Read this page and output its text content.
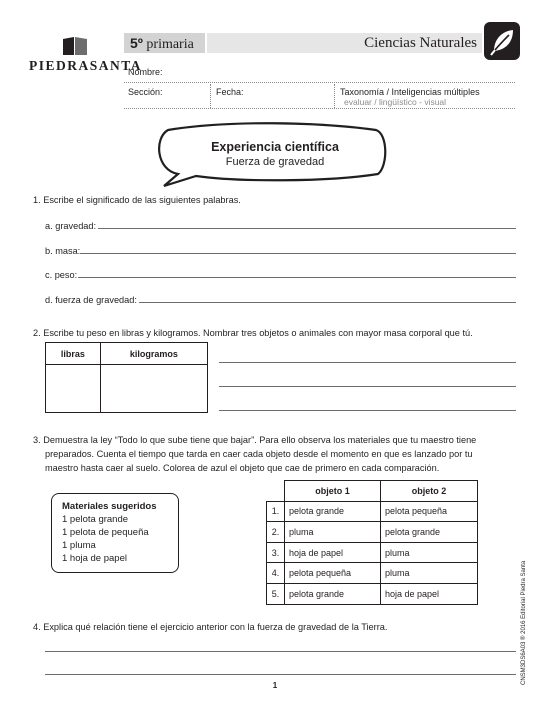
PIEDRASANTA
5º primaria	Ciencias Naturales
Nombre:
Sección:	Fecha:	Taxonomía / Inteligencias múltiples
evaluar / lingüístico - visual
Experiencia científica
Fuerza de gravedad
1. Escribe el significado de las siguientes palabras.
a. gravedad:
b. masa:
c. peso:
d. fuerza de gravedad:
2. Escribe tu peso en libras y kilogramos. Nombrar tres objetos o animales con mayor masa corporal que tú.
libras	kilogramos

3. Demuestra la ley “Todo lo que sube tiene que bajar”. Para ello observa los materiales que tu maestro tiene
preparados. Cuenta el tiempo que tarda en caer cada objeto desde el momento en que es lanzado por tu
maestro hasta caer al suelo. Colorea de azul el objeto que cae de primero en cada comparación.
Materiales sugeridos
1 pelota grande
1 pelota de pequeña
1 pluma
1 hoja de papel
	objeto 1	objeto 2
1.	pelota grande	pelota pequeña
2.	pluma	pelota grande
3.	hoja de papel	pluma
4.	pelota pequeña	pluma
5.	pelota grande	hoja de papel
4. Explica qué relación tiene el ejercicio anterior con la fuerza de gravedad de la Tierra.	CNSM3DS6A03 ® 2016 Editorial Piedra Santa
1
